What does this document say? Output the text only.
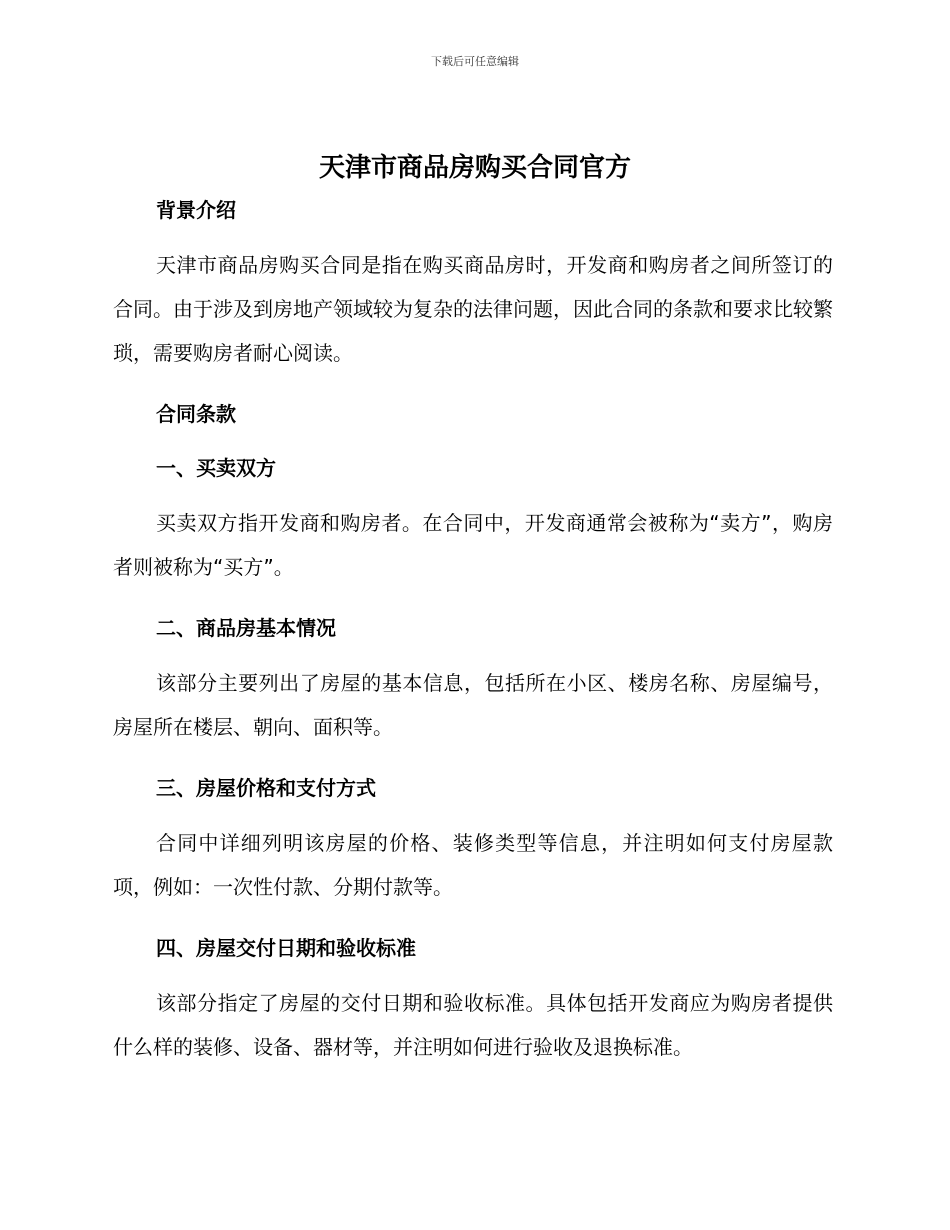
下载后可任意编辑
天津市商品房购买合同官方
背景介绍

天津市商品房购买合同是指在购买商品房时，开发商和购房者之间所签订的合同。由于涉及到房地产领域较为复杂的法律问题，因此合同的条款和要求比较繁琐，需要购房者耐心阅读。

合同条款
一、买卖双方

买卖双方指开发商和购房者。在合同中，开发商通常会被称为“卖方”，购房者则被称为“买方”。

二、商品房基本情况

该部分主要列出了房屋的基本信息，包括所在小区、楼房名称、房屋编号，房屋所在楼层、朝向、面积等。

三、房屋价格和支付方式

合同中详细列明该房屋的价格、装修类型等信息，并注明如何支付房屋款项，例如：一次性付款、分期付款等。

四、房屋交付日期和验收标准

该部分指定了房屋的交付日期和验收标准。具体包括开发商应为购房者提供什么样的装修、设备、器材等，并注明如何进行验收及退换标准。
